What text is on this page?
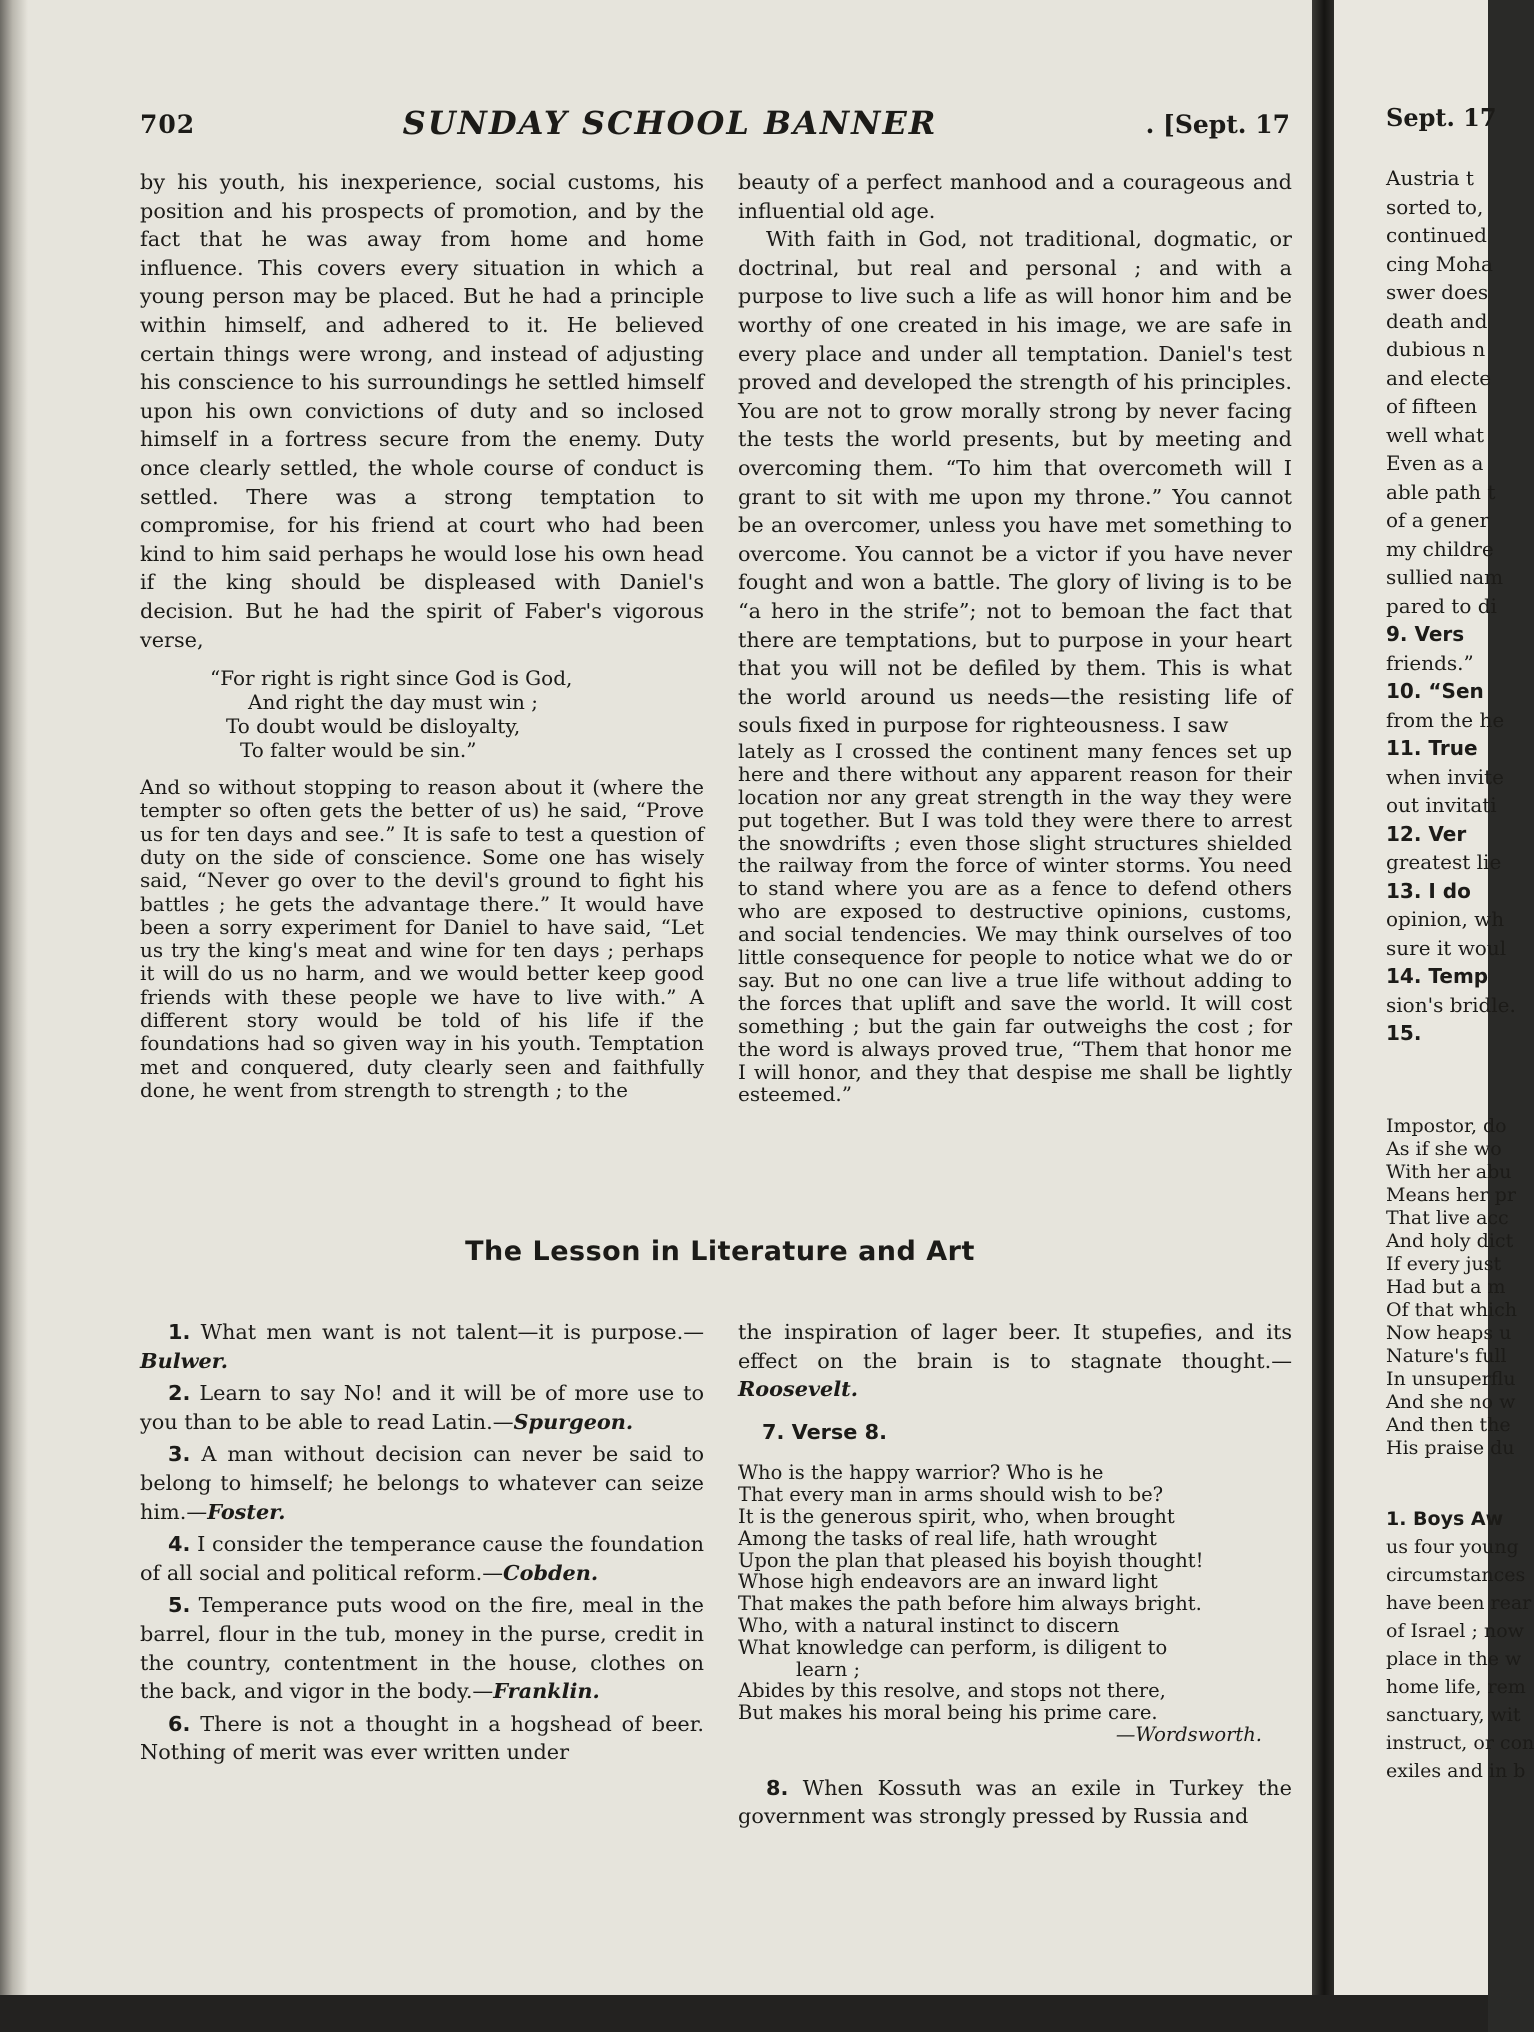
702	SUNDAY SCHOOL BANNER	. [Sept. 17

by his youth, his inexperience, social customs, his position and his prospects of promotion, and by the fact that he was away from home and home influence. This covers every situation in which a young person may be placed. But he had a principle within himself, and adhered to it. He believed certain things were wrong, and instead of adjusting his conscience to his surroundings he settled himself upon his own convictions of duty and so inclosed himself in a fortress secure from the enemy. Duty once clearly settled, the whole course of conduct is settled. There was a strong temptation to compromise, for his friend at court who had been kind to him said perhaps he would lose his own head if the king should be displeased with Daniel's decision. But he had the spirit of Faber's vigorous verse,

“For right is right since God is God,
And right the day must win ;
To doubt would be disloyalty,
To falter would be sin.”

And so without stopping to reason about it (where the tempter so often gets the better of us) he said, “Prove us for ten days and see.” It is safe to test a question of duty on the side of conscience. Some one has wisely said, “Never go over to the devil's ground to fight his battles ; he gets the advantage there.” It would have been a sorry experiment for Daniel to have said, “Let us try the king's meat and wine for ten days ; perhaps it will do us no harm, and we would better keep good friends with these people we have to live with.” A different story would be told of his life if the foundations had so given way in his youth. Temptation met and conquered, duty clearly seen and faithfully done, he went from strength to strength ; to the

beauty of a perfect manhood and a courageous and influential old age.

With faith in God, not traditional, dogmatic, or doctrinal, but real and personal ; and with a purpose to live such a life as will honor him and be worthy of one created in his image, we are safe in every place and under all temptation. Daniel's test proved and developed the strength of his principles. You are not to grow morally strong by never facing the tests the world presents, but by meeting and overcoming them. “To him that overcometh will I grant to sit with me upon my throne.” You cannot be an overcomer, unless you have met something to overcome. You cannot be a victor if you have never fought and won a battle. The glory of living is to be “a hero in the strife”; not to bemoan the fact that there are temptations, but to purpose in your heart that you will not be defiled by them. This is what the world around us needs—the resisting life of souls fixed in purpose for righteousness. I saw

lately as I crossed the continent many fences set up here and there without any apparent reason for their location nor any great strength in the way they were put together. But I was told they were there to arrest the snowdrifts ; even those slight structures shielded the railway from the force of winter storms. You need to stand where you are as a fence to defend others who are exposed to destructive opinions, customs, and social tendencies. We may think ourselves of too little consequence for people to notice what we do or say. But no one can live a true life without adding to the forces that uplift and save the world. It will cost something ; but the gain far outweighs the cost ; for the word is always proved true, “Them that honor me I will honor, and they that despise me shall be lightly esteemed.”

The Lesson in Literature and Art

1. What men want is not talent—it is purpose.—Bulwer.

2. Learn to say No! and it will be of more use to you than to be able to read Latin.—Spurgeon.

3. A man without decision can never be said to belong to himself; he belongs to whatever can seize him.—Foster.

4. I consider the temperance cause the foundation of all social and political reform.—Cobden.

5. Temperance puts wood on the fire, meal in the barrel, flour in the tub, money in the purse, credit in the country, contentment in the house, clothes on the back, and vigor in the body.—Franklin.

6. There is not a thought in a hogshead of beer. Nothing of merit was ever written under

the inspiration of lager beer. It stupefies, and its effect on the brain is to stagnate thought.—Roosevelt.

7. Verse 8.

Who is the happy warrior? Who is he
That every man in arms should wish to be?
It is the generous spirit, who, when brought
Among the tasks of real life, hath wrought
Upon the plan that pleased his boyish thought!
Whose high endeavors are an inward light
That makes the path before him always bright.
Who, with a natural instinct to discern
What knowledge can perform, is diligent to
learn ;
Abides by this resolve, and stops not there,
But makes his moral being his prime care.
—Wordsworth.

8. When Kossuth was an exile in Turkey the government was strongly pressed by Russia and

Sept. 17
Austria t
sorted to,
continued
cing Moha
swer does
death and
dubious n
and electe
of fifteen
well what
Even as a
able path t
of a gener
my childre
sullied nam
pared to di
9. Vers
friends.”
10. “Sen
from the he
11. True
when invite
out invitati
12. Ver
greatest lie
13. I do
opinion, wh
sure it woul
14. Temp
sion's bridle.
15.
Impostor, do
As if she wo
With her abu
Means her pr
That live acc
And holy dict
If every just
Had but a m
Of that which
Now heaps u
Nature's full
In unsuperflu
And she no w
And then the
His praise du
1. Boys Aw
us four young
circumstances
have been rear
of Israel ; now
place in the w
home life, rem
sanctuary, wit
instruct, or con
exiles and in b
